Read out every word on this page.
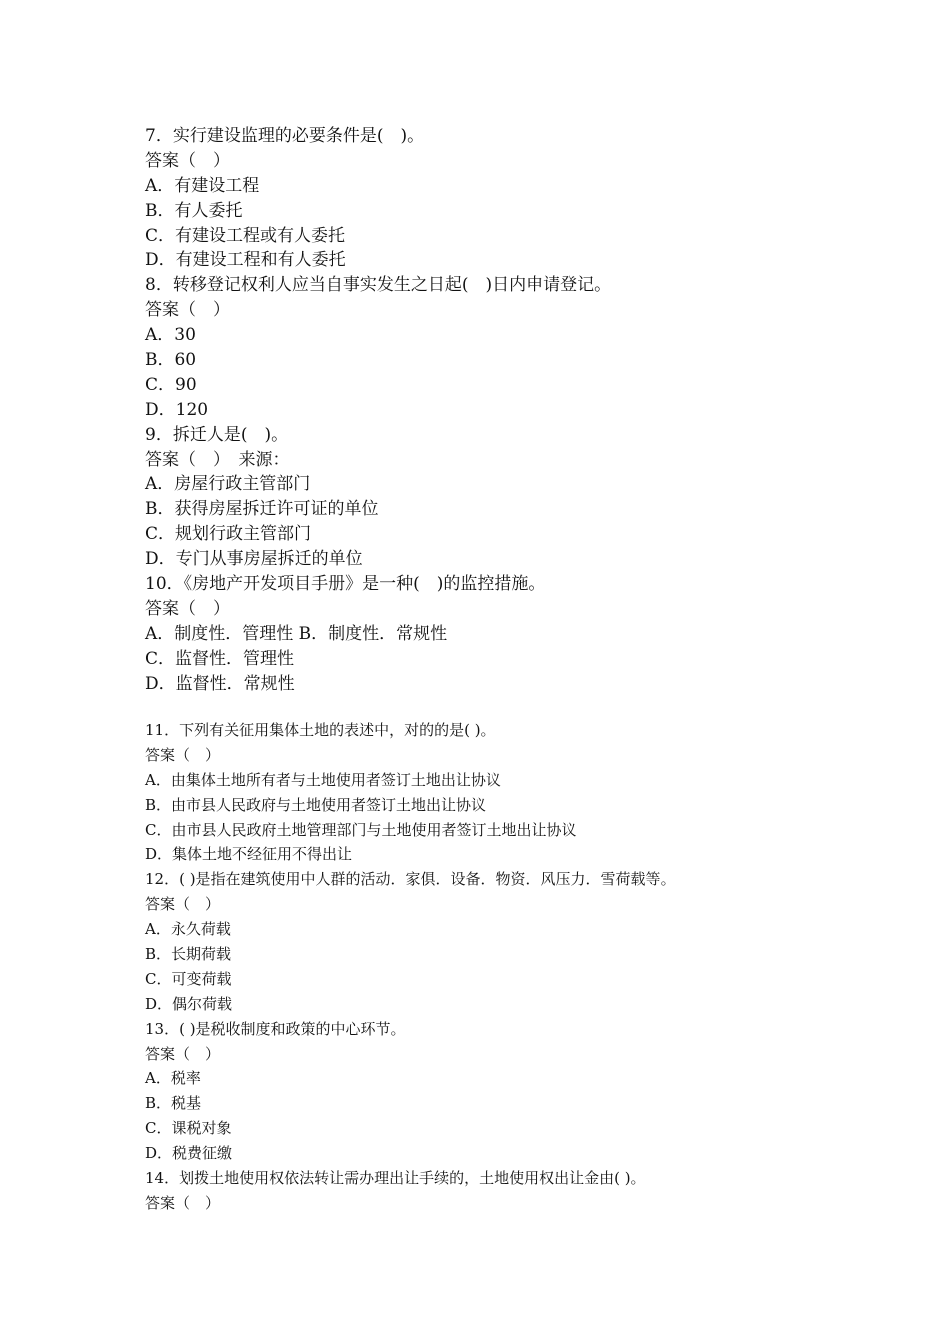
7．实行建设监理的必要条件是(　)。
答案（　）
A．有建设工程
B．有人委托
C．有建设工程或有人委托
D．有建设工程和有人委托
8．转移登记权利人应当自事实发生之日起(　)日内申请登记。
答案（　）
A．30
B．60
C．90
D．120
9．拆迁人是(　)。
答案（　）　来源：
A．房屋行政主管部门
B．获得房屋拆迁许可证的单位
C．规划行政主管部门
D．专门从事房屋拆迁的单位
10．《房地产开发项目手册》是一种(　)的监控措施。
答案（　）
A．制度性．管理性 B．制度性．常规性
C．监督性．管理性
D．监督性．常规性
11．下列有关征用集体土地的表述中，对的的是( )。
答案（　）
A．由集体土地所有者与土地使用者签订土地出让协议
B．由市县人民政府与土地使用者签订土地出让协议
C．由市县人民政府土地管理部门与土地使用者签订土地出让协议
D．集体土地不经征用不得出让
12．( )是指在建筑使用中人群的活动．家俱．设备．物资．风压力．雪荷载等。
答案（　）
A．永久荷载
B．长期荷载
C．可变荷载
D．偶尔荷载
13．( )是税收制度和政策的中心环节。
答案（　）
A．税率
B．税基
C．课税对象
D．税费征缴
14．划拨土地使用权依法转让需办理出让手续的，土地使用权出让金由( )。
答案（　）
